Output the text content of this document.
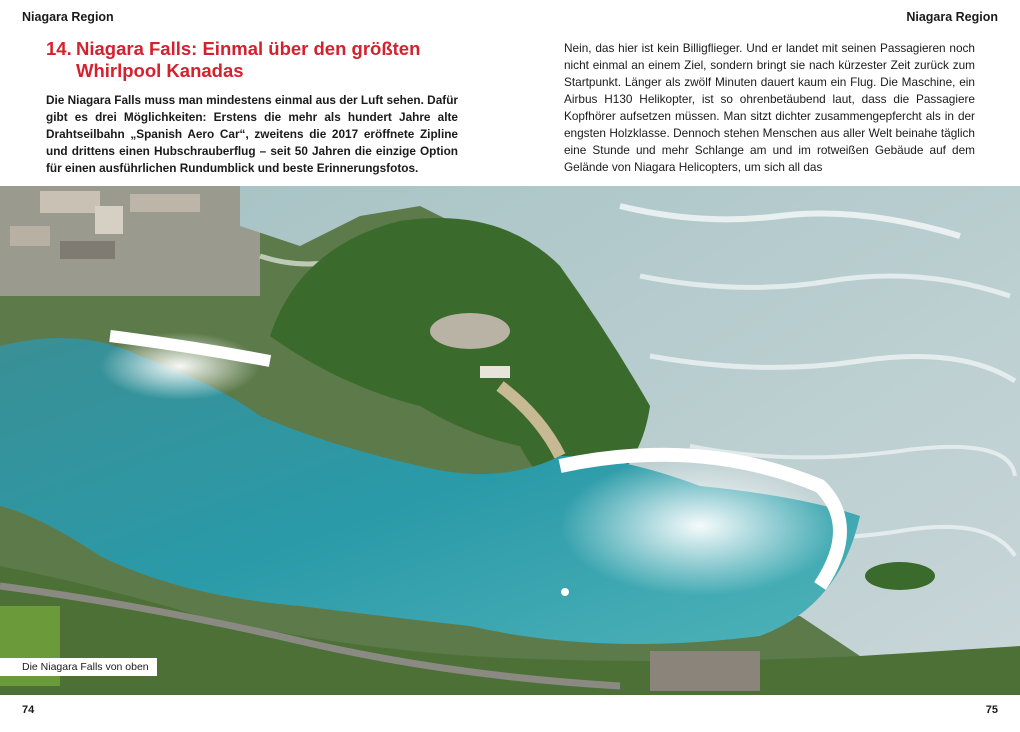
Niagara Region	Niagara Region
14. Niagara Falls: Einmal über den größten
Whirlpool Kanadas

Die Niagara Falls muss man mindestens einmal aus der Luft sehen. Dafür gibt es drei Möglichkeiten: Erstens die mehr als hundert Jahre alte Drahtseilbahn „Spanish Aero Car“, zweitens die 2017 eröffnete Zipline und drittens einen Hubschrauberflug – seit 50 Jahren die einzige Option für einen ausführlichen Rundumblick und beste Erinnerungsfotos.

Nein, das hier ist kein Billigflieger. Und er landet mit seinen Passagieren noch nicht einmal an einem Ziel, sondern bringt sie nach kürzester Zeit zurück zum Startpunkt. Länger als zwölf Minuten dauert kaum ein Flug. Die Maschine, ein Airbus H130 Helikopter, ist so ohrenbetäubend laut, dass die Passagiere Kopfhörer aufsetzen müssen. Man sitzt dichter zusammengepfercht als in der engsten Holzklasse. Dennoch stehen Menschen aus aller Welt beinahe täglich eine Stunde und mehr Schlange am und im rotweißen Gebäude auf dem Gelände von Niagara Helicopters, um sich all das

Die Niagara Falls von oben
74	75
